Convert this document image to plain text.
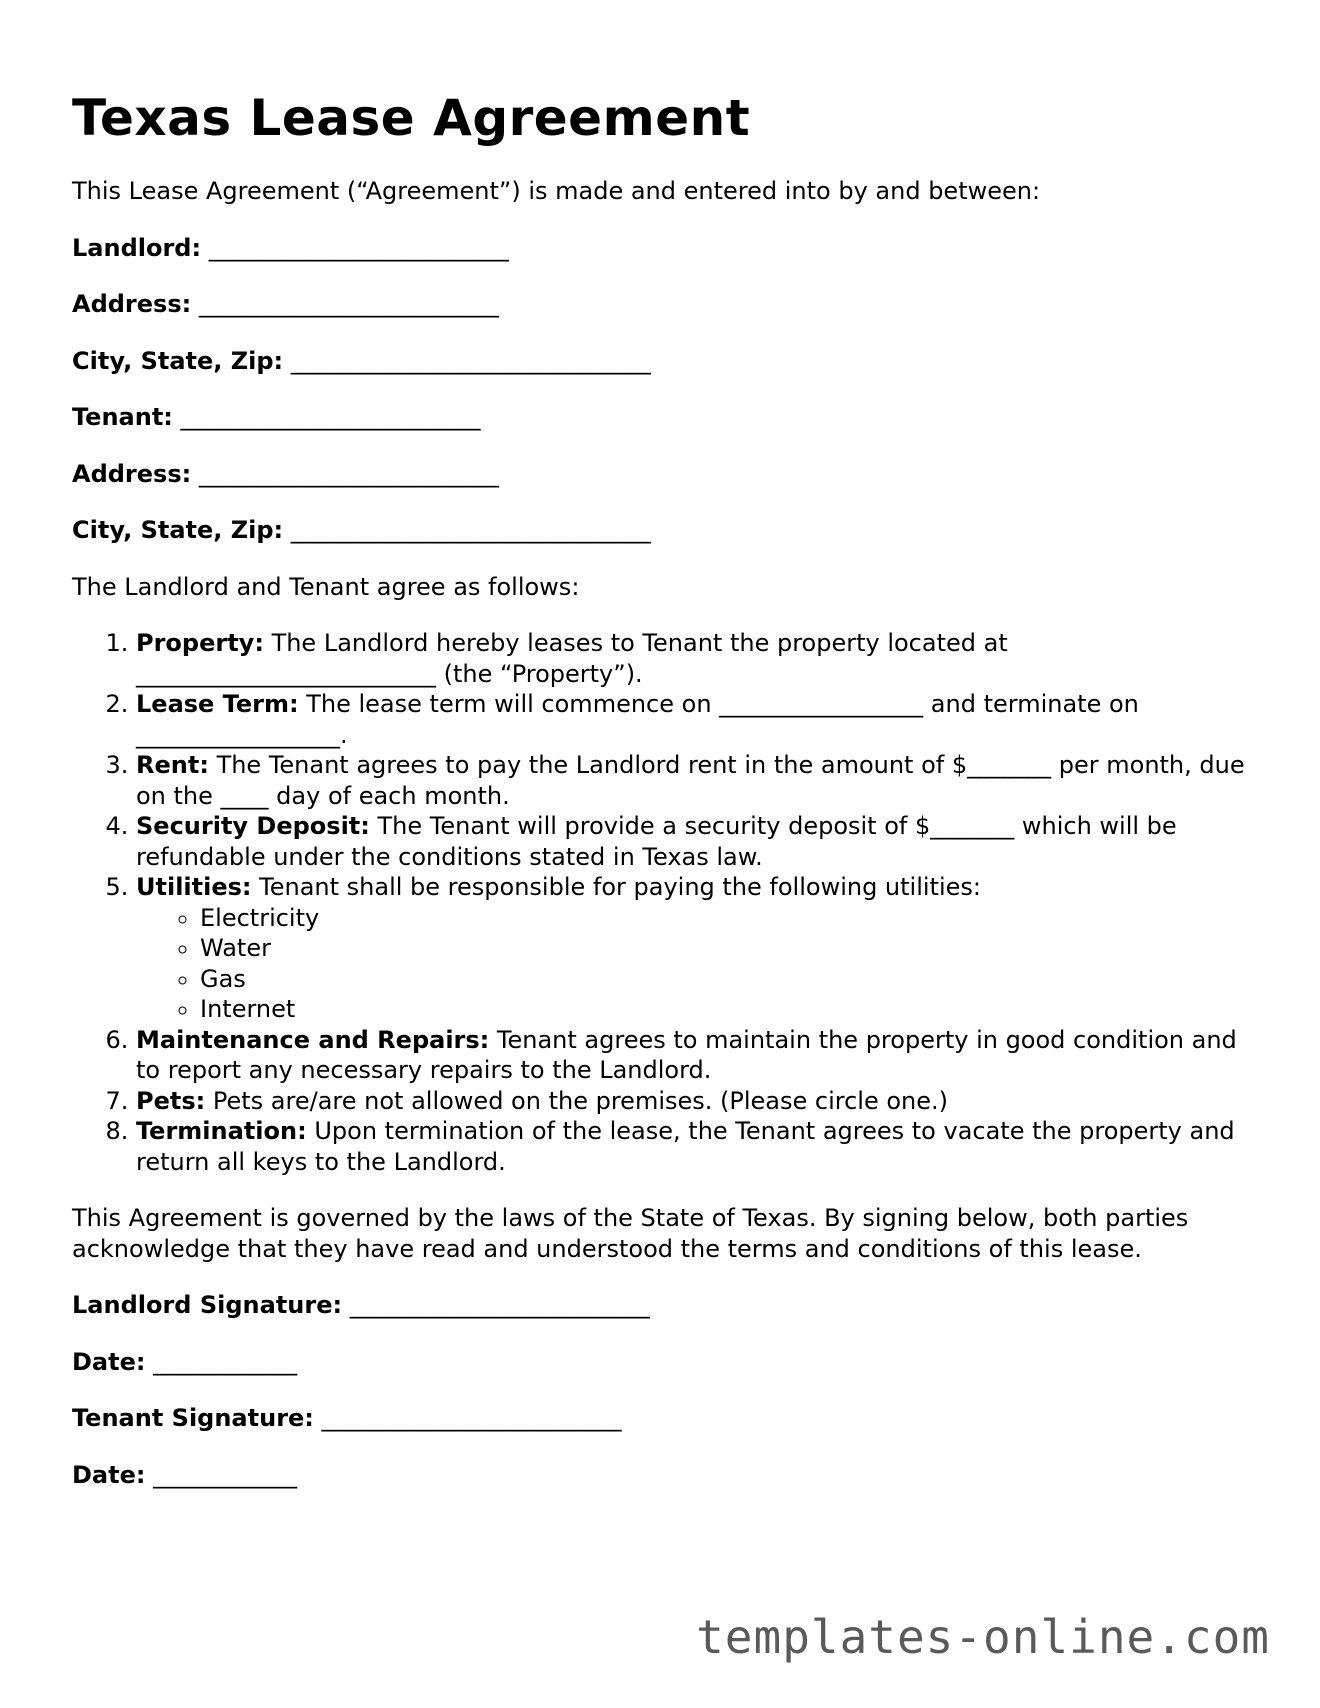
Texas Lease Agreement

This Lease Agreement (“Agreement”) is made and entered into by and between:

Landlord: _________________________
Address: _________________________
City, State, Zip: ______________________________
Tenant: _________________________
Address: _________________________
City, State, Zip: ______________________________

The Landlord and Tenant agree as follows:

1. Property: The Landlord hereby leases to Tenant the property located at _________________________ (the “Property”).
2. Lease Term: The lease term will commence on _________________ and terminate on _________________.
3. Rent: The Tenant agrees to pay the Landlord rent in the amount of $_______ per month, due on the ____ day of each month.
4. Security Deposit: The Tenant will provide a security deposit of $_______ which will be refundable under the conditions stated in Texas law.
5. Utilities: Tenant shall be responsible for paying the following utilities:
◦ Electricity
◦ Water
◦ Gas
◦ Internet
6. Maintenance and Repairs: Tenant agrees to maintain the property in good condition and to report any necessary repairs to the Landlord.
7. Pets: Pets are/are not allowed on the premises. (Please circle one.)
8. Termination: Upon termination of the lease, the Tenant agrees to vacate the property and return all keys to the Landlord.

This Agreement is governed by the laws of the State of Texas. By signing below, both parties acknowledge that they have read and understood the terms and conditions of this lease.

Landlord Signature: _________________________
Date: ____________
Tenant Signature: _________________________
Date: ____________
templates-online.com
